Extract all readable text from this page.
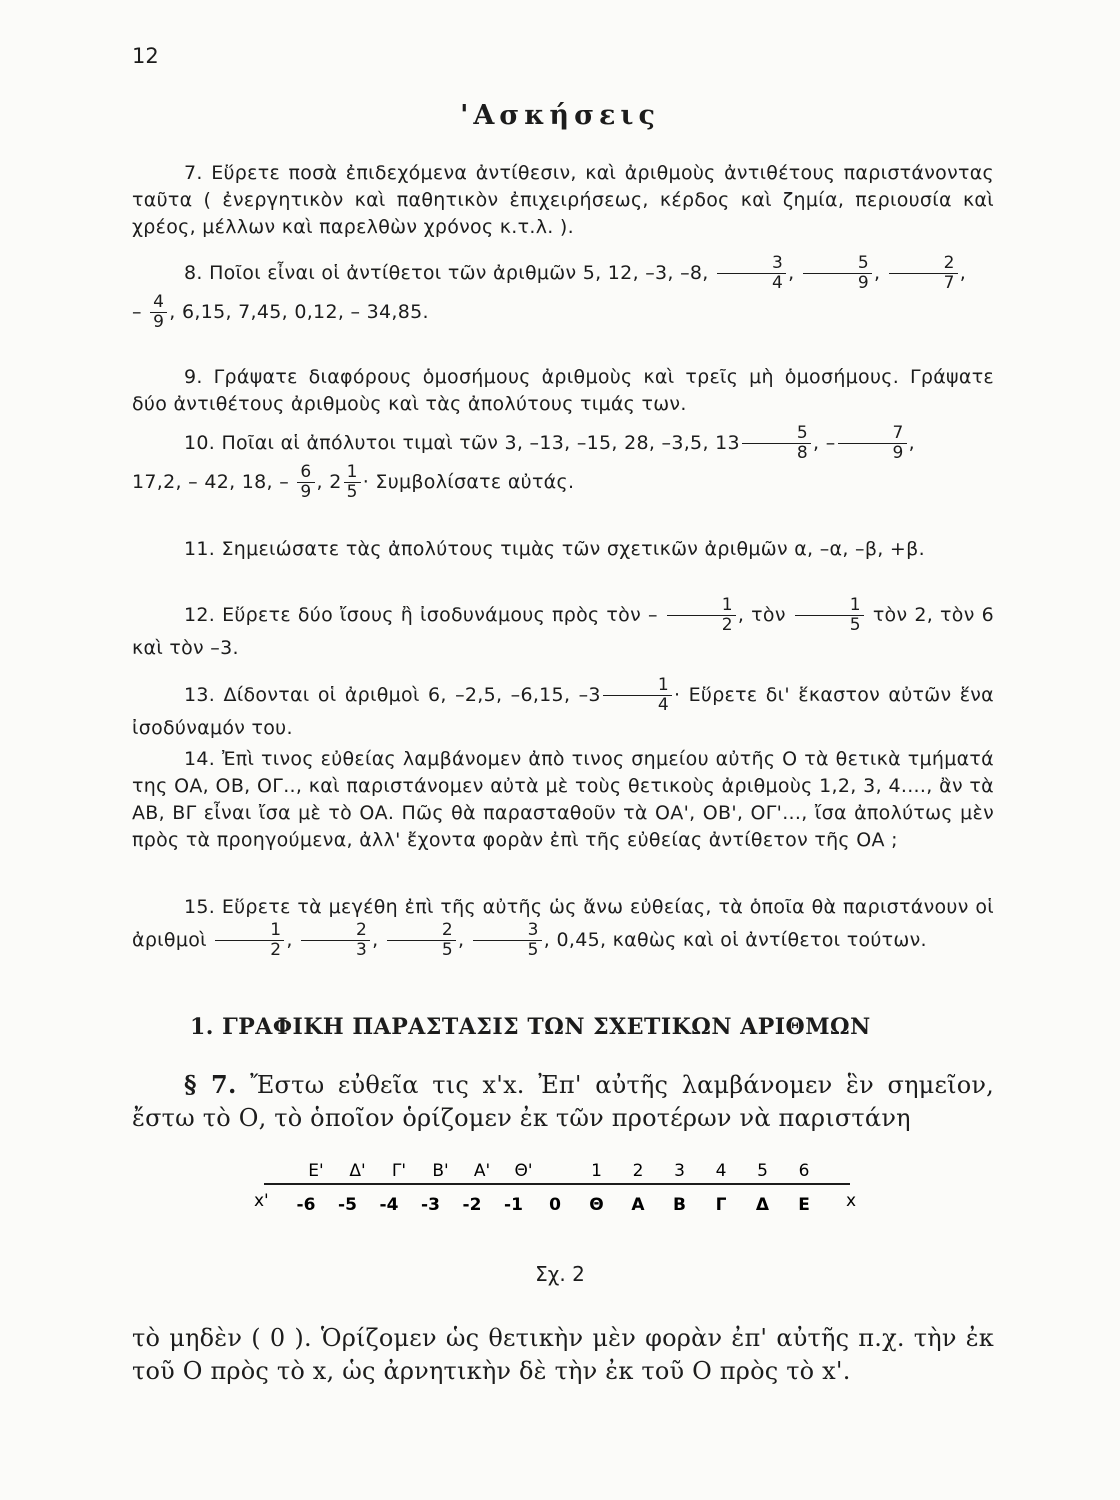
12
'Ασκήσεις

7. Εὕρετε ποσὰ ἐπιδεχόμενα ἀντίθεσιν, καὶ ἀριθμοὺς ἀντιθέτους παριστάνοντας ταῦτα ( ἐνεργητικὸν καὶ παθητικὸν ἐπιχειρήσεως, κέρδος καὶ ζημία, περιουσία καὶ χρέος, μέλλων καὶ παρελθὼν χρόνος κ.τ.λ. ).

8. Ποῖοι εἶναι οἱ ἀντίθετοι τῶν ἀριθμῶν 5, 12, –3, –8, $\frac{3}{4}$ , $\frac{5}{9}$ , $\frac{2}{7}$ ,

– $\frac{4}{9}$ , 6,15, 7,45, 0,12, – 34,85.

9. Γράψατε διαφόρους ὁμοσήμους ἀριθμοὺς καὶ τρεῖς μὴ ὁμοσήμους. Γράψατε δύο ἀντιθέτους ἀριθμοὺς καὶ τὰς ἀπολύτους τιμάς των.

10. Ποῖαι αἱ ἀπόλυτοι τιμαὶ τῶν 3, –13, –15, 28, –3,5, $13 \frac{5}{8}$ , – $\frac{7}{9}$ ,

17,2, – 42, 18, – $\frac{6}{9}$ , $2 \frac{1}{5} \cdot \Sigma\upsilon\mu\beta o\lambda ί\sigma\alpha\tau\varepsilon$ αὐτάς.

11. Σημειώσατε τὰς ἀπολύτους τιμὰς τῶν σχετικῶν ἀριθμῶν α, –α, –β, +β.

12. Εὕρετε δύο ἴσους ἢ ἰσοδυνάμους πρὸς τὸν – $\frac{1}{2}$ , τὸν $\frac{1}{5}$ τὸν 2, τὸν 6 καὶ τὸν –3.

13. Δίδονται οἱ ἀριθμοὶ 6, –2,5, –6,15, $-3 \frac{1}{4}$ · Εὕρετε δι' ἕκαστον αὐτῶν ἕνα ἰσοδύναμόν του.

14. Ἐπὶ τινος εὐθείας λαμβάνομεν ἀπὸ τινος σημείου αὐτῆς Ο τὰ θετικὰ τμήματά της ΟΑ, ΟΒ, ΟΓ.., καὶ παριστάνομεν αὐτὰ μὲ τοὺς θετικοὺς ἀριθμοὺς 1,2, 3, 4...., ἂν τὰ ΑΒ, ΒΓ εἶναι ἴσα μὲ τὸ ΟΑ. Πῶς θὰ παρασταθοῦν τὰ ΟΑ', ΟΒ', ΟΓ'..., ἴσα ἀπολύτως μὲν πρὸς τὰ προηγούμενα, ἀλλ' ἔχοντα φορὰν ἐπὶ τῆς εὐθείας ἀντίθετον τῆς ΟΑ ;

15. Εὕρετε τὰ μεγέθη ἐπὶ τῆς αὐτῆς ὡς ἄνω εὐθείας, τὰ ὁποῖα θὰ παριστάνουν οἱ ἀριθμοὶ $\frac{1}{2}$ , $\frac{2}{3}$ , $\frac{2}{5}$ , $\frac{3}{5}$ , 0,45, καθὼς καὶ οἱ ἀντίθετοι τούτων.

1. ΓΡΑΦΙΚΗ ΠΑΡΑΣΤΑΣΙΣ ΤΩΝ ΣΧΕΤΙΚΩΝ ΑΡΙΘΜΩΝ

§ 7. Ἔστω εὐθεῖα τις x'x. Ἐπ' αὐτῆς λαμβάνομεν ἓν σημεῖον, ἔστω τὸ Ο, τὸ ὁποῖον ὁρίζομεν ἐκ τῶν προτέρων νὰ παριστάνη

Ε' Δ' Γ' Β' Α' Θ'	1 2 3 4 5 6
-6 -5 -4 -3 -2 -1 0 Θ Α Β Γ Δ Ε
x'	x
Σχ. 2

τὸ μηδὲν ( 0 ). Ὁρίζομεν ὡς θετικὴν μὲν φορὰν ἐπ' αὐτῆς π.χ. τὴν ἐκ τοῦ Ο πρὸς τὸ x, ὡς ἀρνητικὴν δὲ τὴν ἐκ τοῦ Ο πρὸς τὸ x'.
